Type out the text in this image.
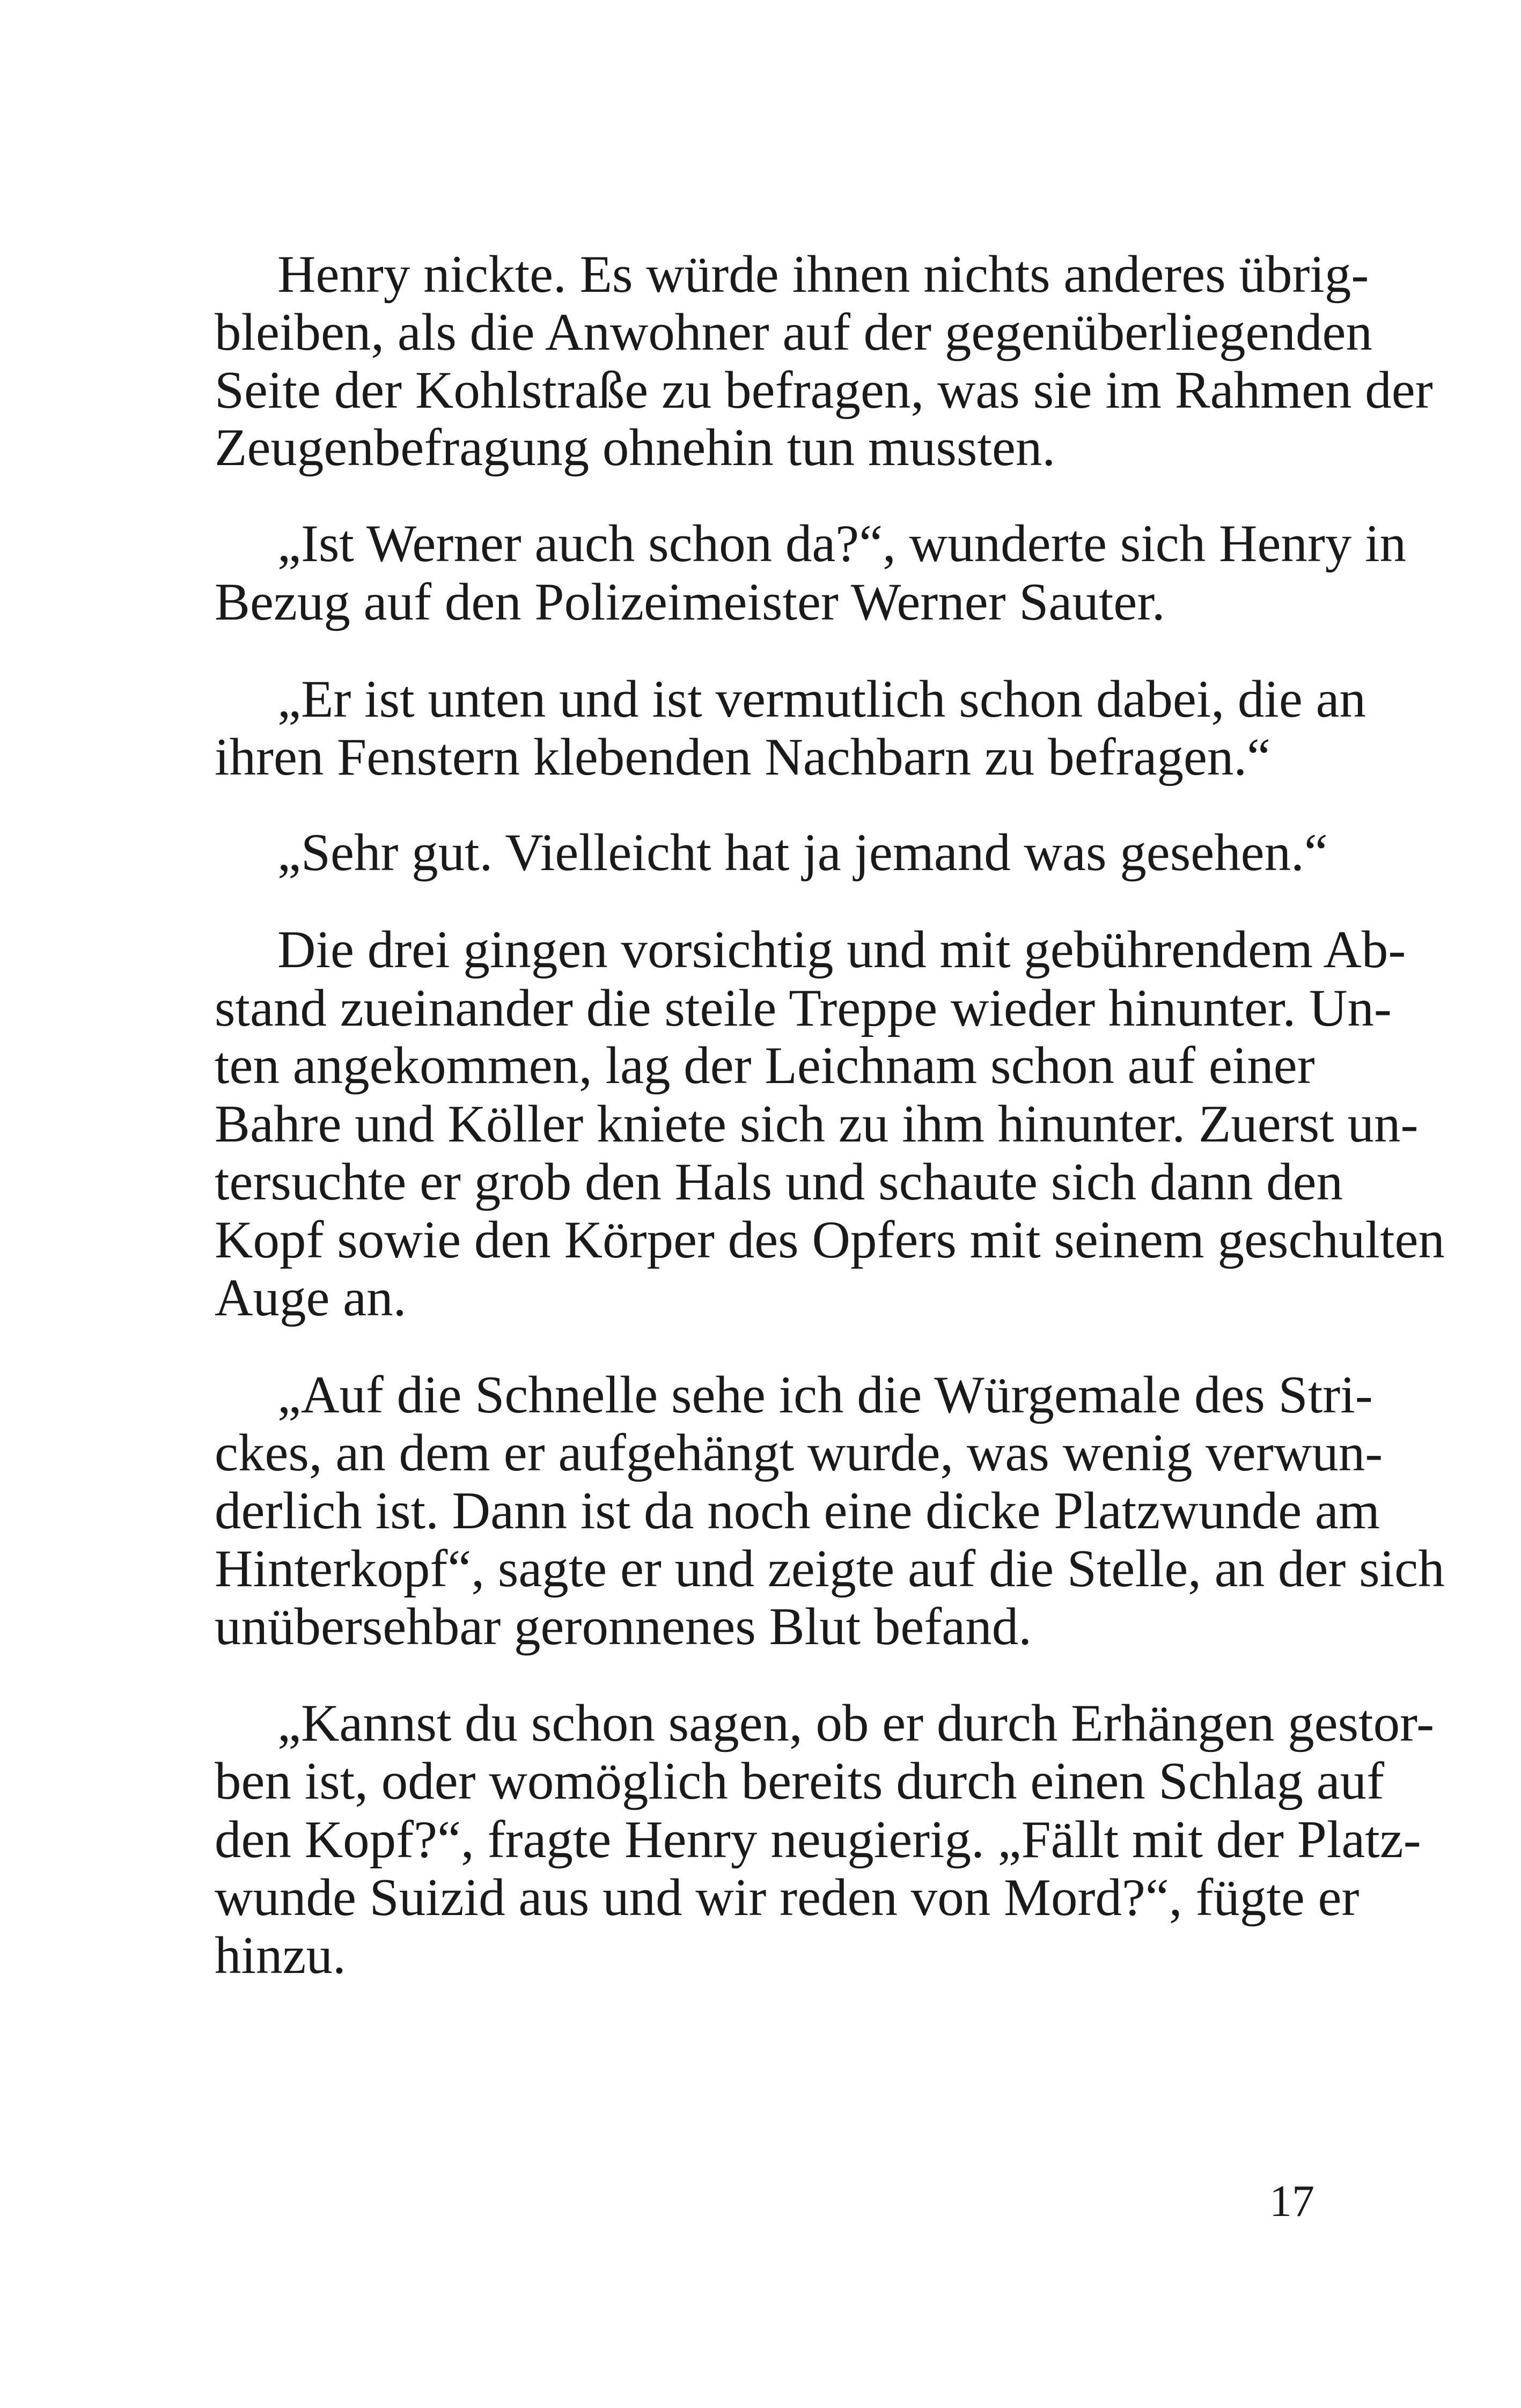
Henry nickte. Es würde ihnen nichts anderes übrig-
bleiben, als die Anwohner auf der gegenüberliegenden
Seite der Kohlstraße zu befragen, was sie im Rahmen der
Zeugenbefragung ohnehin tun mussten.
„Ist Werner auch schon da?“, wunderte sich Henry in
Bezug auf den Polizeimeister Werner Sauter.
„Er ist unten und ist vermutlich schon dabei, die an
ihren Fenstern klebenden Nachbarn zu befragen.“
„Sehr gut. Vielleicht hat ja jemand was gesehen.“
Die drei gingen vorsichtig und mit gebührendem Ab-
stand zueinander die steile Treppe wieder hinunter. Un-
ten angekommen, lag der Leichnam schon auf einer
Bahre und Köller kniete sich zu ihm hinunter. Zuerst un-
tersuchte er grob den Hals und schaute sich dann den
Kopf sowie den Körper des Opfers mit seinem geschulten
Auge an.
„Auf die Schnelle sehe ich die Würgemale des Stri-
ckes, an dem er aufgehängt wurde, was wenig verwun-
derlich ist. Dann ist da noch eine dicke Platzwunde am
Hinterkopf“, sagte er und zeigte auf die Stelle, an der sich
unübersehbar geronnenes Blut befand.
„Kannst du schon sagen, ob er durch Erhängen gestor-
ben ist, oder womöglich bereits durch einen Schlag auf
den Kopf?“, fragte Henry neugierig. „Fällt mit der Platz-
wunde Suizid aus und wir reden von Mord?“, fügte er
hinzu.
17
